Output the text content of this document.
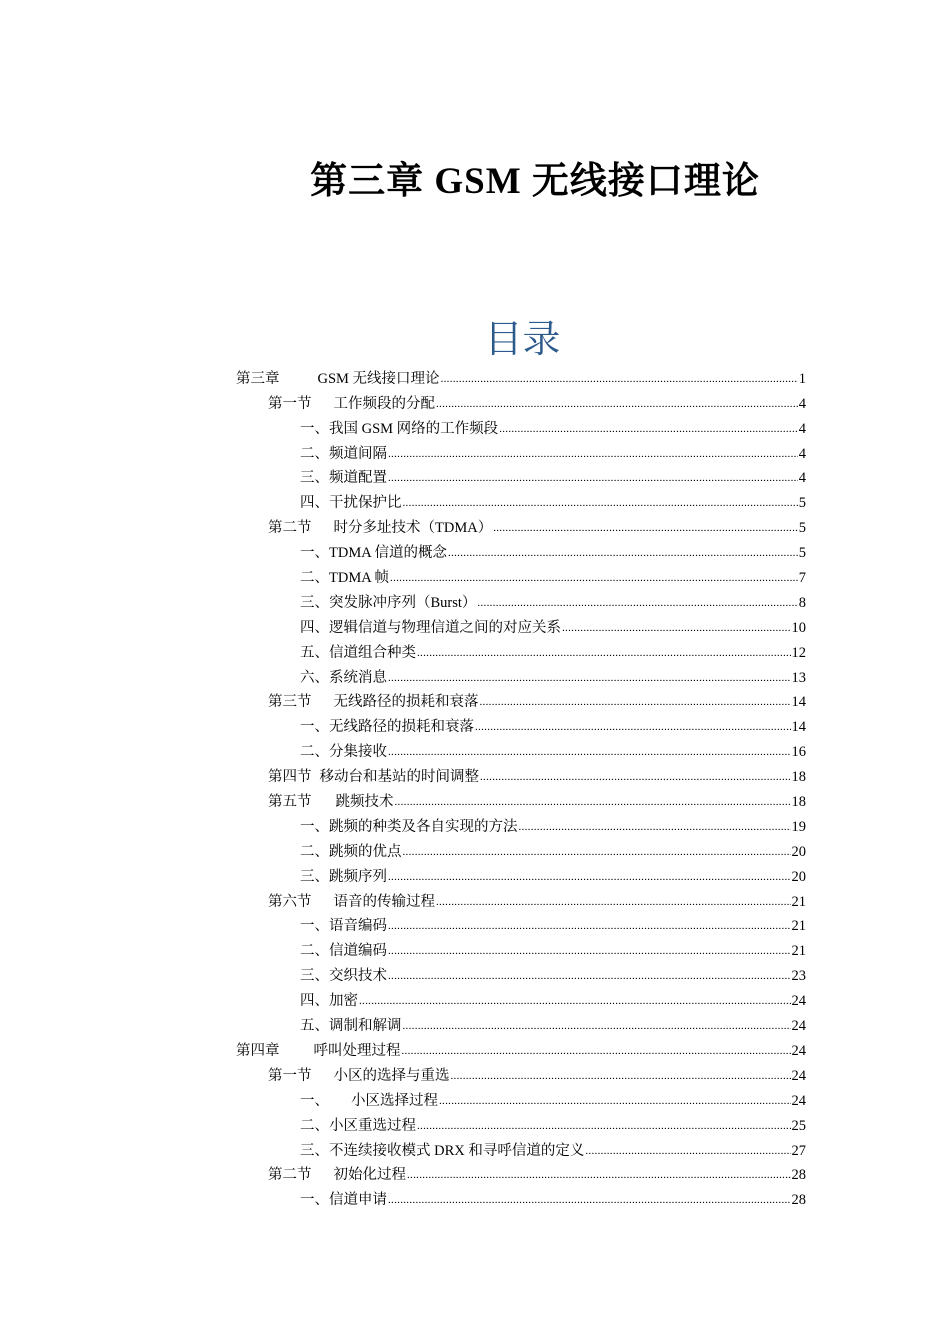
第三章 GSM 无线接口理论
目录
第三章	GSM 无线接口理论 .....	1
第一节 工作频段的分配 .....	4
一、我国 GSM 网络的工作频段 .....	4
二、频道间隔 .....	4
三、频道配置 .....	4
四、干扰保护比 .....	5
第二节 时分多址技术（TDMA） .....	5
一、TDMA 信道的概念 .....	5
二、TDMA 帧 .....	7
三、突发脉冲序列（Burst） .....	8
四、逻辑信道与物理信道之间的对应关系 .....	10
五、信道组合种类 .....	12
六、系统消息 .....	13
第三节 无线路径的损耗和衰落 .....	14
一、无线路径的损耗和衰落 .....	14
二、分集接收 .....	16
第四节 移动台和基站的时间调整 .....	18
第五节 跳频技术 .....	18
一、跳频的种类及各自实现的方法 .....	19
二、跳频的优点 .....	20
三、跳频序列 .....	20
第六节 语音的传输过程 .....	21
一、语音编码 .....	21
二、信道编码 .....	21
三、交织技术 .....	23
四、加密 .....	24
五、调制和解调 .....	24
第四章 呼叫处理过程 .....	24
第一节 小区的选择与重选 .....	24
一、 小区选择过程 .....	24
二、小区重选过程 .....	25
三、不连续接收模式 DRX 和寻呼信道的定义 .....	27
第二节 初始化过程 .....	28
一、信道申请 .....	28
